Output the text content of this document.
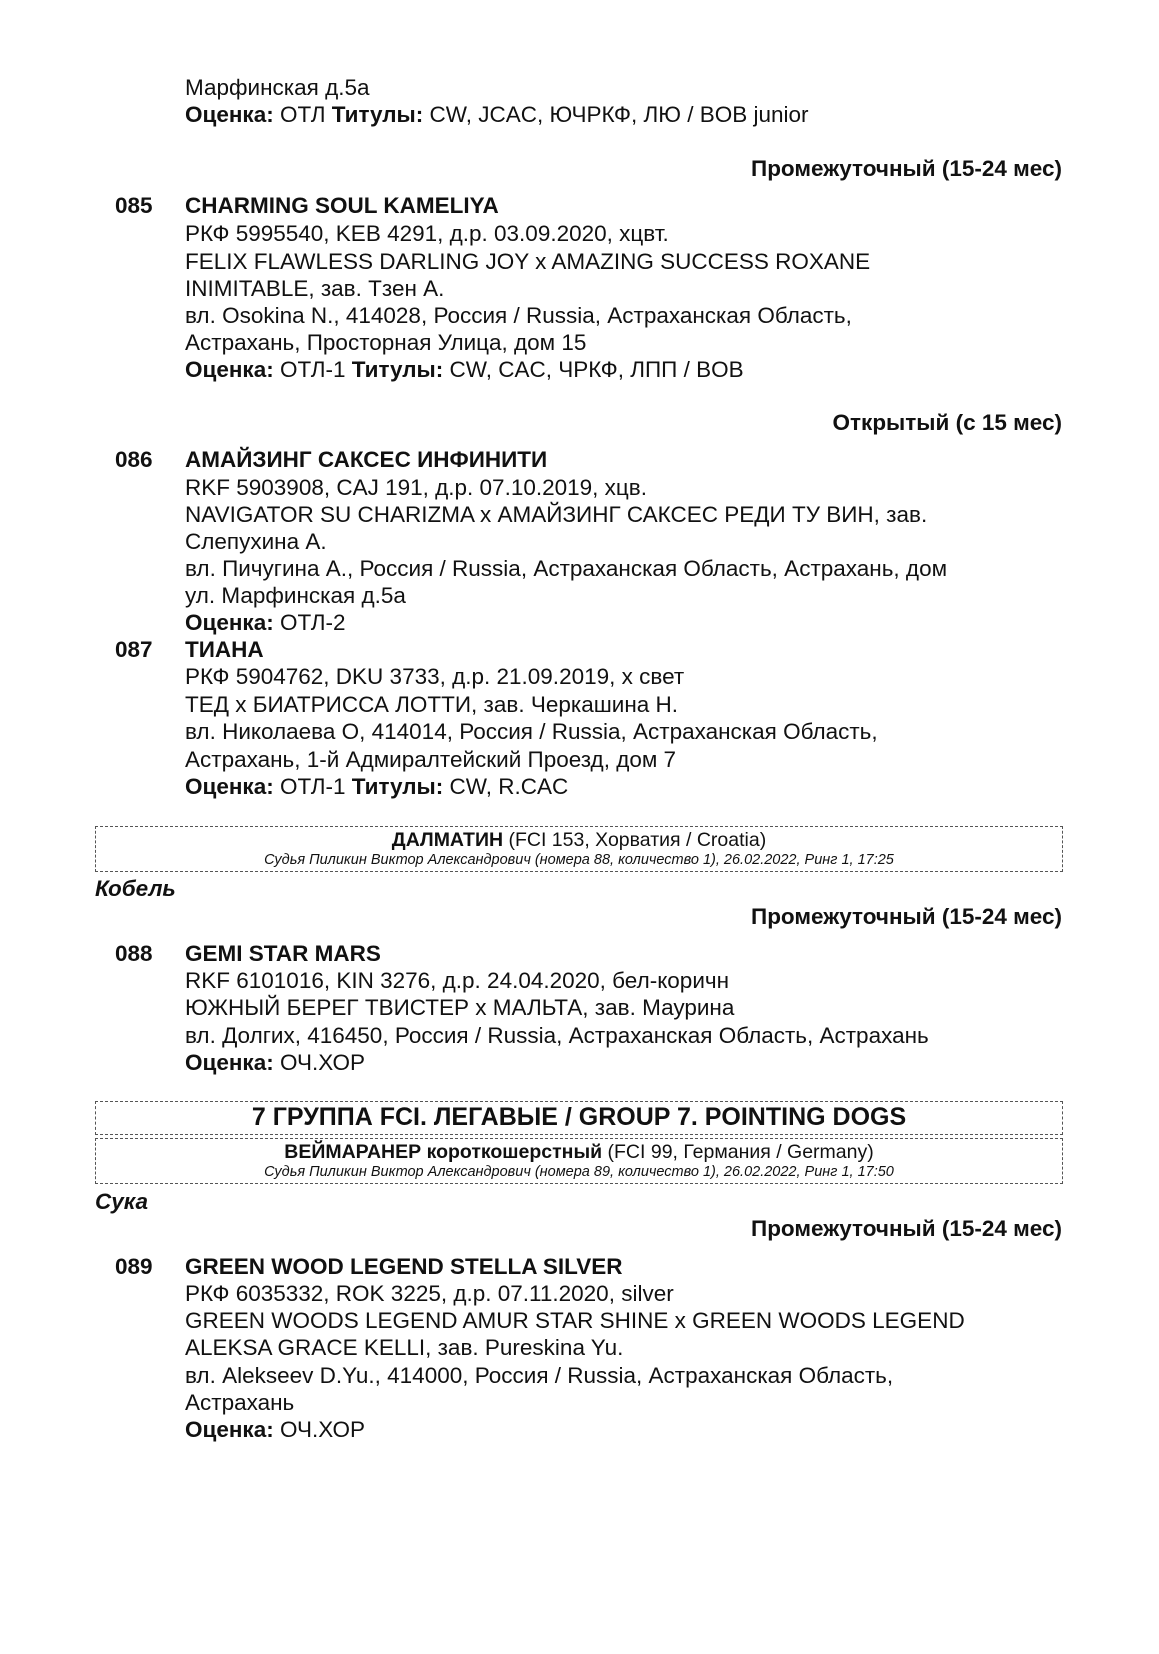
Марфинская д.5а
Оценка: ОТЛ Титулы: CW, JCAC, ЮЧРКФ, ЛЮ / BOB junior
Промежуточный (15-24 мес)
085 CHARMING SOUL KAMELIYA
РКФ 5995540, KEB 4291, д.р. 03.09.2020, хцвт.
FELIX FLAWLESS DARLING JOY x AMAZING SUCCESS ROXANE
INIMITABLE, зав. Тзен А.
вл. Osokina N., 414028, Россия / Russia, Астраханская Область,
Астрахань, Просторная Улица, дом 15
Оценка: ОТЛ-1 Титулы: CW, CAC, ЧРКФ, ЛПП / BOB
Открытый (с 15 мес)
086 АМАЙЗИНГ САКСЕС ИНФИНИТИ
RKF 5903908, CAJ 191, д.р. 07.10.2019, хцв.
NAVIGATOR SU CHARIZMA x АМАЙЗИНГ САКСЕС РЕДИ ТУ ВИН, зав.
Слепухина А.
вл. Пичугина А., Россия / Russia, Астраханская Область, Астрахань, дом
ул. Марфинская д.5а
Оценка: ОТЛ-2
087 ТИАНА
РКФ 5904762, DKU 3733, д.р. 21.09.2019, х свет
ТЕД x БИАТРИССА ЛОТТИ, зав. Черкашина Н.
вл. Николаева О, 414014, Россия / Russia, Астраханская Область,
Астрахань, 1-й Адмиралтейский Проезд, дом 7
Оценка: ОТЛ-1 Титулы: CW, R.CAC
ДАЛМАТИН (FCI 153, Хорватия / Croatia)
Судья Пиликин Виктор Александрович (номера 88, количество 1), 26.02.2022, Ринг 1, 17:25
Кобель
Промежуточный (15-24 мес)
088 GEMI STAR MARS
RKF 6101016, KIN 3276, д.р. 24.04.2020, бел-коричн
ЮЖНЫЙ БЕРЕГ ТВИСТЕР x МАЛЬТА, зав. Маурина
вл. Долгих, 416450, Россия / Russia, Астраханская Область, Астрахань
Оценка: ОЧ.ХОР
7 ГРУППА FCI. ЛЕГАВЫЕ / GROUP 7. POINTING DOGS
ВЕЙМАРАНЕР короткошерстный (FCI 99, Германия / Germany)
Судья Пиликин Виктор Александрович (номера 89, количество 1), 26.02.2022, Ринг 1, 17:50
Сука
Промежуточный (15-24 мес)
089 GREEN WOOD LEGEND STELLA SILVER
РКФ 6035332, ROK 3225, д.р. 07.11.2020, silver
GREEN WOODS LEGEND AMUR STAR SHINE x GREEN WOODS LEGEND
ALEKSA GRACE KELLI, зав. Pureskina Yu.
вл. Alekseev D.Yu., 414000, Россия / Russia, Астраханская Область,
Астрахань
Оценка: ОЧ.ХОР
